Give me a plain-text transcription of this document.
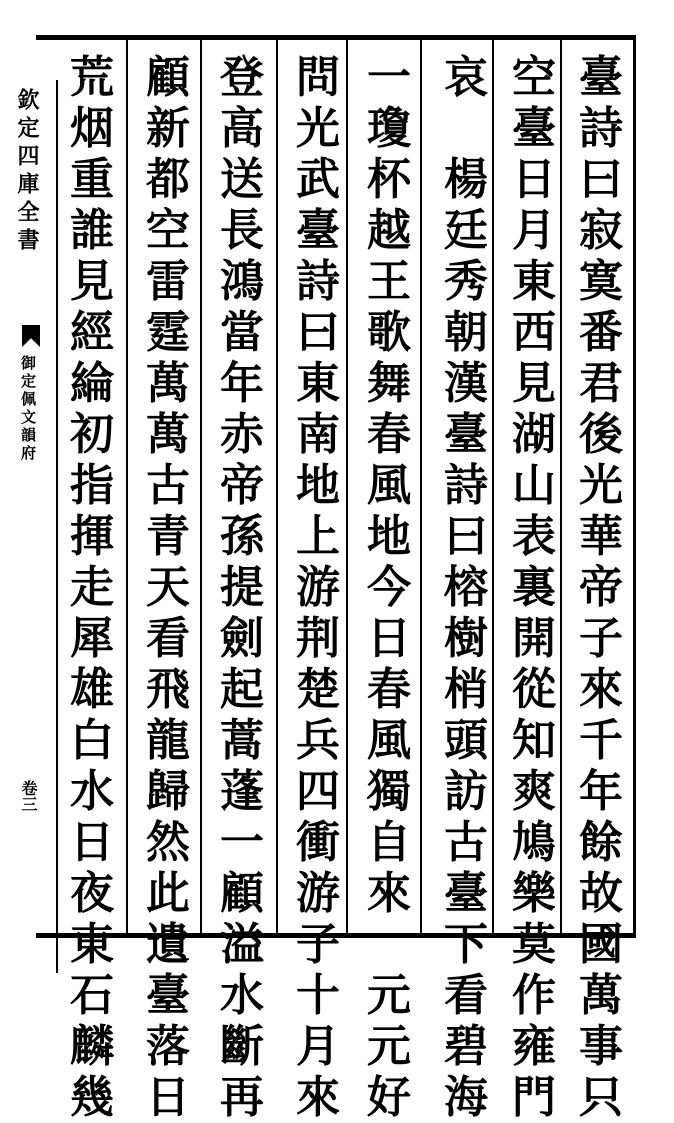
欽定四庫全書
御定佩文韻府
卷三
臺
詩
曰
寂
寞
番
君
後
光
華
帝
子
來
千
年
餘
故
國
萬
事
只
空
臺
日
月
東
西
見
湖
山
表
裏
開
從
知
爽
鳩
樂
莫
作
雍
門
哀

楊
廷
秀
朝
漢
臺
詩
曰
榕
樹
梢
頭
訪
古
臺
下
看
碧
海
一
瓊
杯
越
王
歌
舞
春
風
地
今
日
春
風
獨
自
來

元
元
好
問
光
武
臺
詩
曰
東
南
地
上
游
荆
楚
兵
四
衝
游
子
十
月
來
登
高
送
長
鴻
當
年
赤
帝
孫
提
劍
起
蒿
蓬
一
顧
溢
水
斷
再
顧
新
都
空
雷
霆
萬
萬
古
青
天
看
飛
龍
歸
然
此
遺
臺
落
日
荒
烟
重
誰
見
經
綸
初
指
揮
走
犀
雄
白
水
日
夜
東
石
麟
幾
